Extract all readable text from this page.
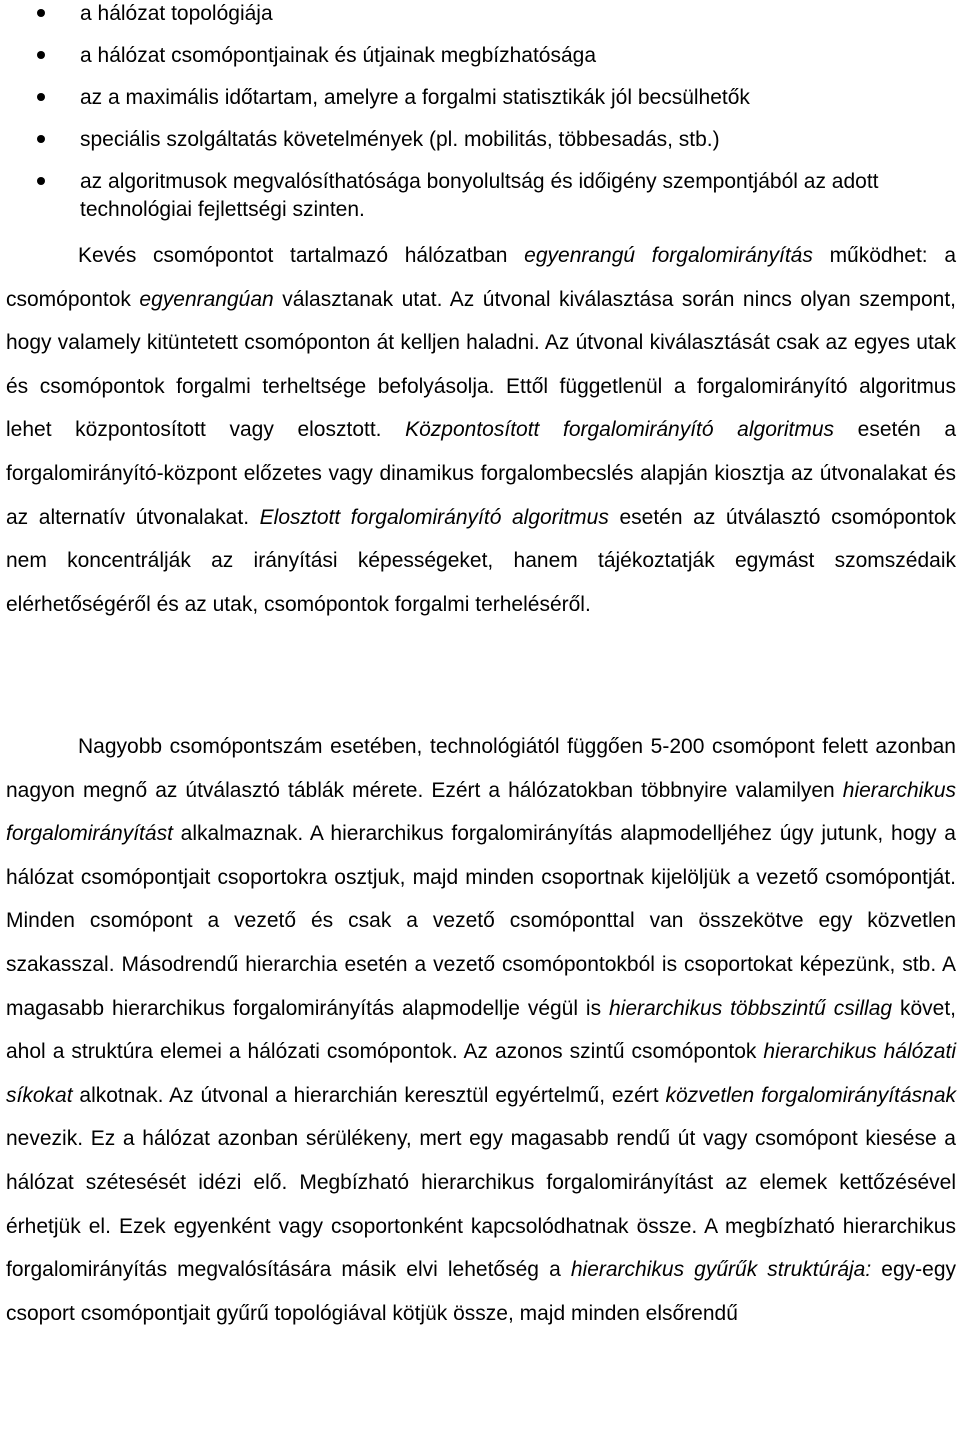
a hálózat topológiája
a hálózat csomópontjainak és útjainak megbízhatósága
az a maximális időtartam, amelyre a forgalmi statisztikák jól becsülhetők
speciális szolgáltatás követelmények (pl. mobilitás, többesadás, stb.)
az algoritmusok megvalósíthatósága bonyolultság és időigény szempontjából az adott technológiai fejlettségi szinten.

Kevés csomópontot tartalmazó hálózatban egyenrangú forgalomirányítás működhet: a csomópontok egyenrangúan választanak utat. Az útvonal kiválasztása során nincs olyan szempont, hogy valamely kitüntetett csomóponton át kelljen haladni. Az útvonal kiválasztását csak az egyes utak és csomópontok forgalmi terheltsége befolyásolja. Ettől függetlenül a forgalomirányító algoritmus lehet központosított vagy elosztott. Központosított forgalomirányító algoritmus esetén a forgalomirányító-központ előzetes vagy dinamikus forgalombecslés alapján kiosztja az útvonalakat és az alternatív útvonalakat. Elosztott forgalomirányító algoritmus esetén az útválasztó csomópontok nem koncentrálják az irányítási képességeket, hanem tájékoztatják egymást szomszédaik elérhetőségéről és az utak, csomópontok forgalmi terheléséről.

Nagyobb csomópontszám esetében, technológiától függően 5-200 csomópont felett azonban nagyon megnő az útválasztó táblák mérete. Ezért a hálózatokban többnyire valamilyen hierarchikus forgalomirányítást alkalmaznak. A hierarchikus forgalomirányítás alapmodelljéhez úgy jutunk, hogy a hálózat csomópontjait csoportokra osztjuk, majd minden csoportnak kijelöljük a vezető csomópontját. Minden csomópont a vezető és csak a vezető csomóponttal van összekötve egy közvetlen szakasszal. Másodrendű hierarchia esetén a vezető csomópontokból is csoportokat képezünk, stb. A magasabb hierarchikus forgalomirányítás alapmodellje végül is hierarchikus többszintű csillag követ, ahol a struktúra elemei a hálózati csomópontok. Az azonos szintű csomópontok hierarchikus hálózati síkokat alkotnak. Az útvonal a hierarchián keresztül egyértelmű, ezért közvetlen forgalomirányításnak nevezik. Ez a hálózat azonban sérülékeny, mert egy magasabb rendű út vagy csomópont kiesése a hálózat szétesését idézi elő. Megbízható hierarchikus forgalomirányítást az elemek kettőzésével érhetjük el. Ezek egyenként vagy csoportonként kapcsolódhatnak össze. A megbízható hierarchikus forgalomirányítás megvalósítására másik elvi lehetőség a hierarchikus gyűrűk struktúrája: egy-egy csoport csomópontjait gyűrű topológiával kötjük össze, majd minden elsőrendű
